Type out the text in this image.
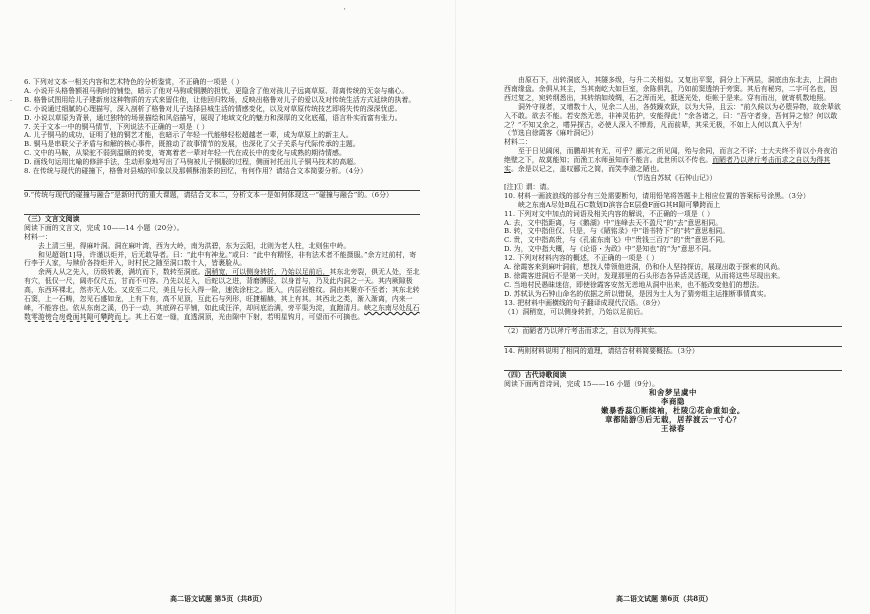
'
.

6. 下列对文本一相关内容和艺术特色的分析鉴赏，不正确的一项是（ ）

A. 小说开头格鲁额祖马驹时的铺垫，暗示了他对马驹或铜膜的担忧，更隐含了他对孩儿子远离草原、背离传统的无奈与痛心。

B. 格鲁试图用给儿子建新房这种物质的方式来留住他，让他回归牧场，反映出格鲁对儿子的爱以及对传统生活方式延续的执着。

C. 小说通过细腻的心理描写，深入剖析了格鲁对儿子选择县城生活的情感变化，以及对草原传统技艺即将失传的深深忧虑。

D. 小说以草原为背景，通过独特的场景描绘和风俗描写，展现了地域文化的魅力和深厚的文化底蕴，语言朴实而富有张力。

7. 关于文本一中的铜马情节，下列说法不正确的一项是（ ）

A. 儿子铜马的成功，证明了他的铜艺才能，也暗示了年轻一代能够轻松超越老一辈，成为草原上的新主人。

B. 铜马是串联父子矛盾与和解的核心事件，既推动了故事情节的发展，也深化了父子关系与代际传承的主题。

C. 文中的马鞍，从梁驼不弱到温顺的转变，寄寓着老一辈对年轻一代在成长中的变化与成熟的期待情感。

D. 画线句运用比喻的修辞手法，生动形象地写出了马驹被儿子铜服的过程，侧面衬托出儿子铜马技术的高超。

8. 在传统与现代的碰撞下，格鲁对县城的印象以及那顿酥油茶的回忆，有何作用？请结合文本简要分析。（4分）

9.“传统与现代的碰撞与融合”是新时代的重大课题，请结合文本二，分析文本一是如何体现这一“碰撞与融合”的。（6分）

（三）文言文阅读

阅读下面的文言文，完成 10——14 小题（20分）。

材料一：

去上清三里，得麻叶洞。洞在麻叶湾，西为大岭，南为洪碧，东为云阳，北则为老人柱，北则隹中岭。

和见超诣[1]导，许谨以炬并，后无敢导者。曰：“此中有神龙。”或曰：“此中有精怪，非有法术者不能摄服。”余方过前村，寄行李于人家，与赎价各持炬并入，时村民之随至洞口数十人，皆裹脸从。

余两人从之先入，历级转裹，满坑而下，数转至洞底。洞稍宽，可以侧身转折，乃始以足前后，其东北旁裂，俱无人处，至北有穴，低仅一尺，阔亦仅尺五，甘而不可容。乃先以足入，后蛇以之进，背磨膊胫，以身首与，乃及此内洞之一天。其内厥隙极高，东西环裸北，然亦无人处。又皮至二尺，美且与长入得一险，速洗涂柱之。既入，内层岩锥纹。洞由其聚亦不至者；其东北转石窦，上一石畴，忽见石盛如龙，上有下有，高不见顶，互此石与列形，旺捷楣赫，其上有其。其西北之类，渐入渐离，内来一崃，不能容也。依从东南之溪，仍于一动，其底碎石平铺，如此成汪洋，却问底治满，旁平渠为淀，直跑清月。峡之东南尽处乱石数零游傍合房叠面其隙可攀跨而上。其上石宽一缝，直透洞顶，光由隙中下射，若明星钩月，可望而不可摘也。

高二语文试题 第5页（共8页）

由原石下，出转洞底入，其隧多级，与升二关相似。又复出平窦，洞分上下两层，洞底由东北去，上洞由西南缘盘。余俱从其主，当其南屹大如巨室，余陈俱乳，乃如前窦透纳于旁窦。其后有秘窍，二字可名也，因西过复之，宛转纲悉出，其转纳如绫绸，石之浑而光，抵逐光处，炬帐于是来。穿有而出，就寄机数地照。

洞外守视者，又增数十人，见余二人出，各鼓躁欢跃，以为大异，且云：“前久候以为必堕异物，故余辈欲入不敢。欲去不能。若安然无恙，非神灵佑护，安能得此！”余各诸之，曰：“吾守者身，吾何异之惊？何以敢之？”不知又余之，嗜异探古，必使人深入不惮焉，凡而前辈，其采无极，不如上人何以真入乎为！

（节选自徐霞客《麻叶洞记》）

材料二：

至于日见阔闲，而鹏却其有无，可乎？郦元之所见闻，殆与余同，而言之不详；士大夫终不肯以小舟夜泊绝壁之下，故莫能知；而渔工水师虽知而不能言。此世所以不传也。而陋者乃以斧斤考击而求之自以为得其实。余是以记之，盖叹郦元之简，而笑李渤之陋也。

（节选自苏轼《石钟山记》）

[注]① 谓：请。

10. 材料一画波浪线的部分有三处需要断句，请用铅笔将答题卡上相应位置的答案标号涂黑。（3分）

峡之东南A尽处B乱石C数划D滨容合E层叠F面G其H隙可攀跨而上

11. 下列对文中加点的词语及相关内容的解说，不正确的一项是（ ）

A. 去，文中指距离，与《鹅湖》中“连峰去天不盈尺”的“去”意思相同。

B. 转，文中指但仅、只是，与《陋铭录》中“诣书特下”的“转”意思相同。

C. 贵，文中指高贵，与《孔雀东南飞》中“贵钱三百万”的“贵”意思不同。

D. 为，文中指大概，与《论语・为政》中“是知也”的“为”意思不同。

12. 下列对材料内容的概述，不正确的一项是（ ）

A. 徐霞客来到麻叶洞前，想找人带领他进洞，仍和仆人坚持探访，展现出敢于探索的风尚。

B. 徐霞客进洞后不是第一关时，发现那里的石头形态各异活灵活现，从而将这些尽现出来。

C. 当地村民愚昧迷信，即使徐霞客安然无恙地从洞中出来，也不能改变他们的想法。

D. 苏轼认为石钟山命名的依据之所以错误，是因为士人为了猜旁组主运推断事情真实。

13. 把材料中画横线的句子翻译成现代汉语。（8分）

（1）洞稍宽，可以侧身转折，乃始以足前后。

（2）而陋者乃以斧斤考击而求之，自以为得其实。

14. 两则材料说明了相同的道理，请结合材料简要概括。（3分）

（四）古代诗歌阅读

阅读下面两首诗词，完成 15——16 小题（9分）。

和舍梦呈虞中

李商隐

嫩暴香蕊①断续袖，杜陵②花命重如金。

章都陆游③后无载，居荐渡云一寸心？

王禄春

高二语文试题 第6页（共8页）
